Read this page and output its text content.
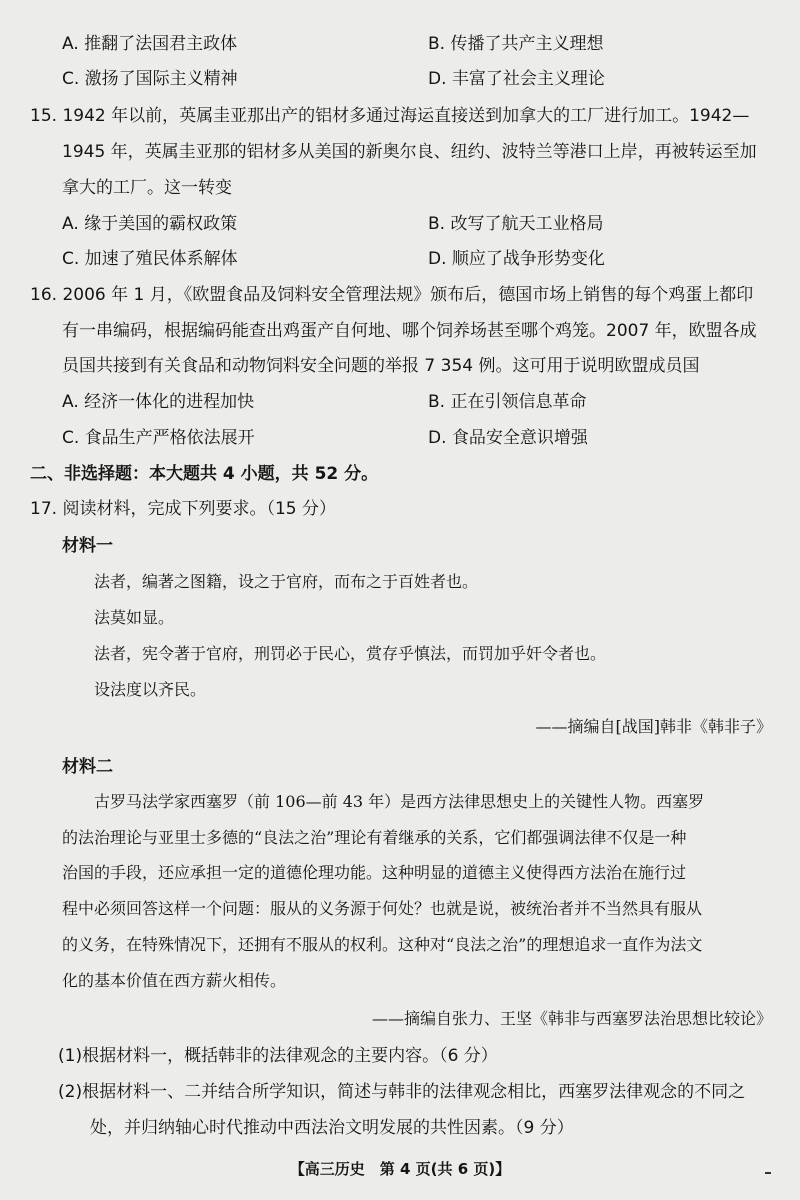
A. 推翻了法国君主政体	B. 传播了共产主义理想
C. 激扬了国际主义精神	D. 丰富了社会主义理论
15. 1942 年以前，英属圭亚那出产的铝材多通过海运直接送到加拿大的工厂进行加工。1942—
1945 年，英属圭亚那的铝材多从美国的新奥尔良、纽约、波特兰等港口上岸，再被转运至加
拿大的工厂。这一转变
A. 缘于美国的霸权政策	B. 改写了航天工业格局
C. 加速了殖民体系解体	D. 顺应了战争形势变化
16. 2006 年 1 月，《欧盟食品及饲料安全管理法规》颁布后，德国市场上销售的每个鸡蛋上都印
有一串编码，根据编码能查出鸡蛋产自何地、哪个饲养场甚至哪个鸡笼。2007 年，欧盟各成
员国共接到有关食品和动物饲料安全问题的举报 7 354 例。这可用于说明欧盟成员国
A. 经济一体化的进程加快	B. 正在引领信息革命
C. 食品生产严格依法展开	D. 食品安全意识增强
二、非选择题：本大题共 4 小题，共 52 分。
17. 阅读材料，完成下列要求。（15 分）
材料一
法者，编著之图籍，设之于官府，而布之于百姓者也。
法莫如显。
法者，宪令著于官府，刑罚必于民心，赏存乎慎法，而罚加乎奸令者也。
设法度以齐民。
——摘编自[战国]韩非《韩非子》
材料二
古罗马法学家西塞罗（前 106—前 43 年）是西方法律思想史上的关键性人物。西塞罗
的法治理论与亚里士多德的“良法之治”理论有着继承的关系，它们都强调法律不仅是一种
治国的手段，还应承担一定的道德伦理功能。这种明显的道德主义使得西方法治在施行过
程中必须回答这样一个问题：服从的义务源于何处？也就是说，被统治者并不当然具有服从
的义务，在特殊情况下，还拥有不服从的权利。这种对“良法之治”的理想追求一直作为法文
化的基本价值在西方薪火相传。
——摘编自张力、王坚《韩非与西塞罗法治思想比较论》
(1)根据材料一，概括韩非的法律观念的主要内容。（6 分）
(2)根据材料一、二并结合所学知识，简述与韩非的法律观念相比，西塞罗法律观念的不同之
处，并归纳轴心时代推动中西法治文明发展的共性因素。（9 分）
【高三历史　第 4 页(共 6 页)】
